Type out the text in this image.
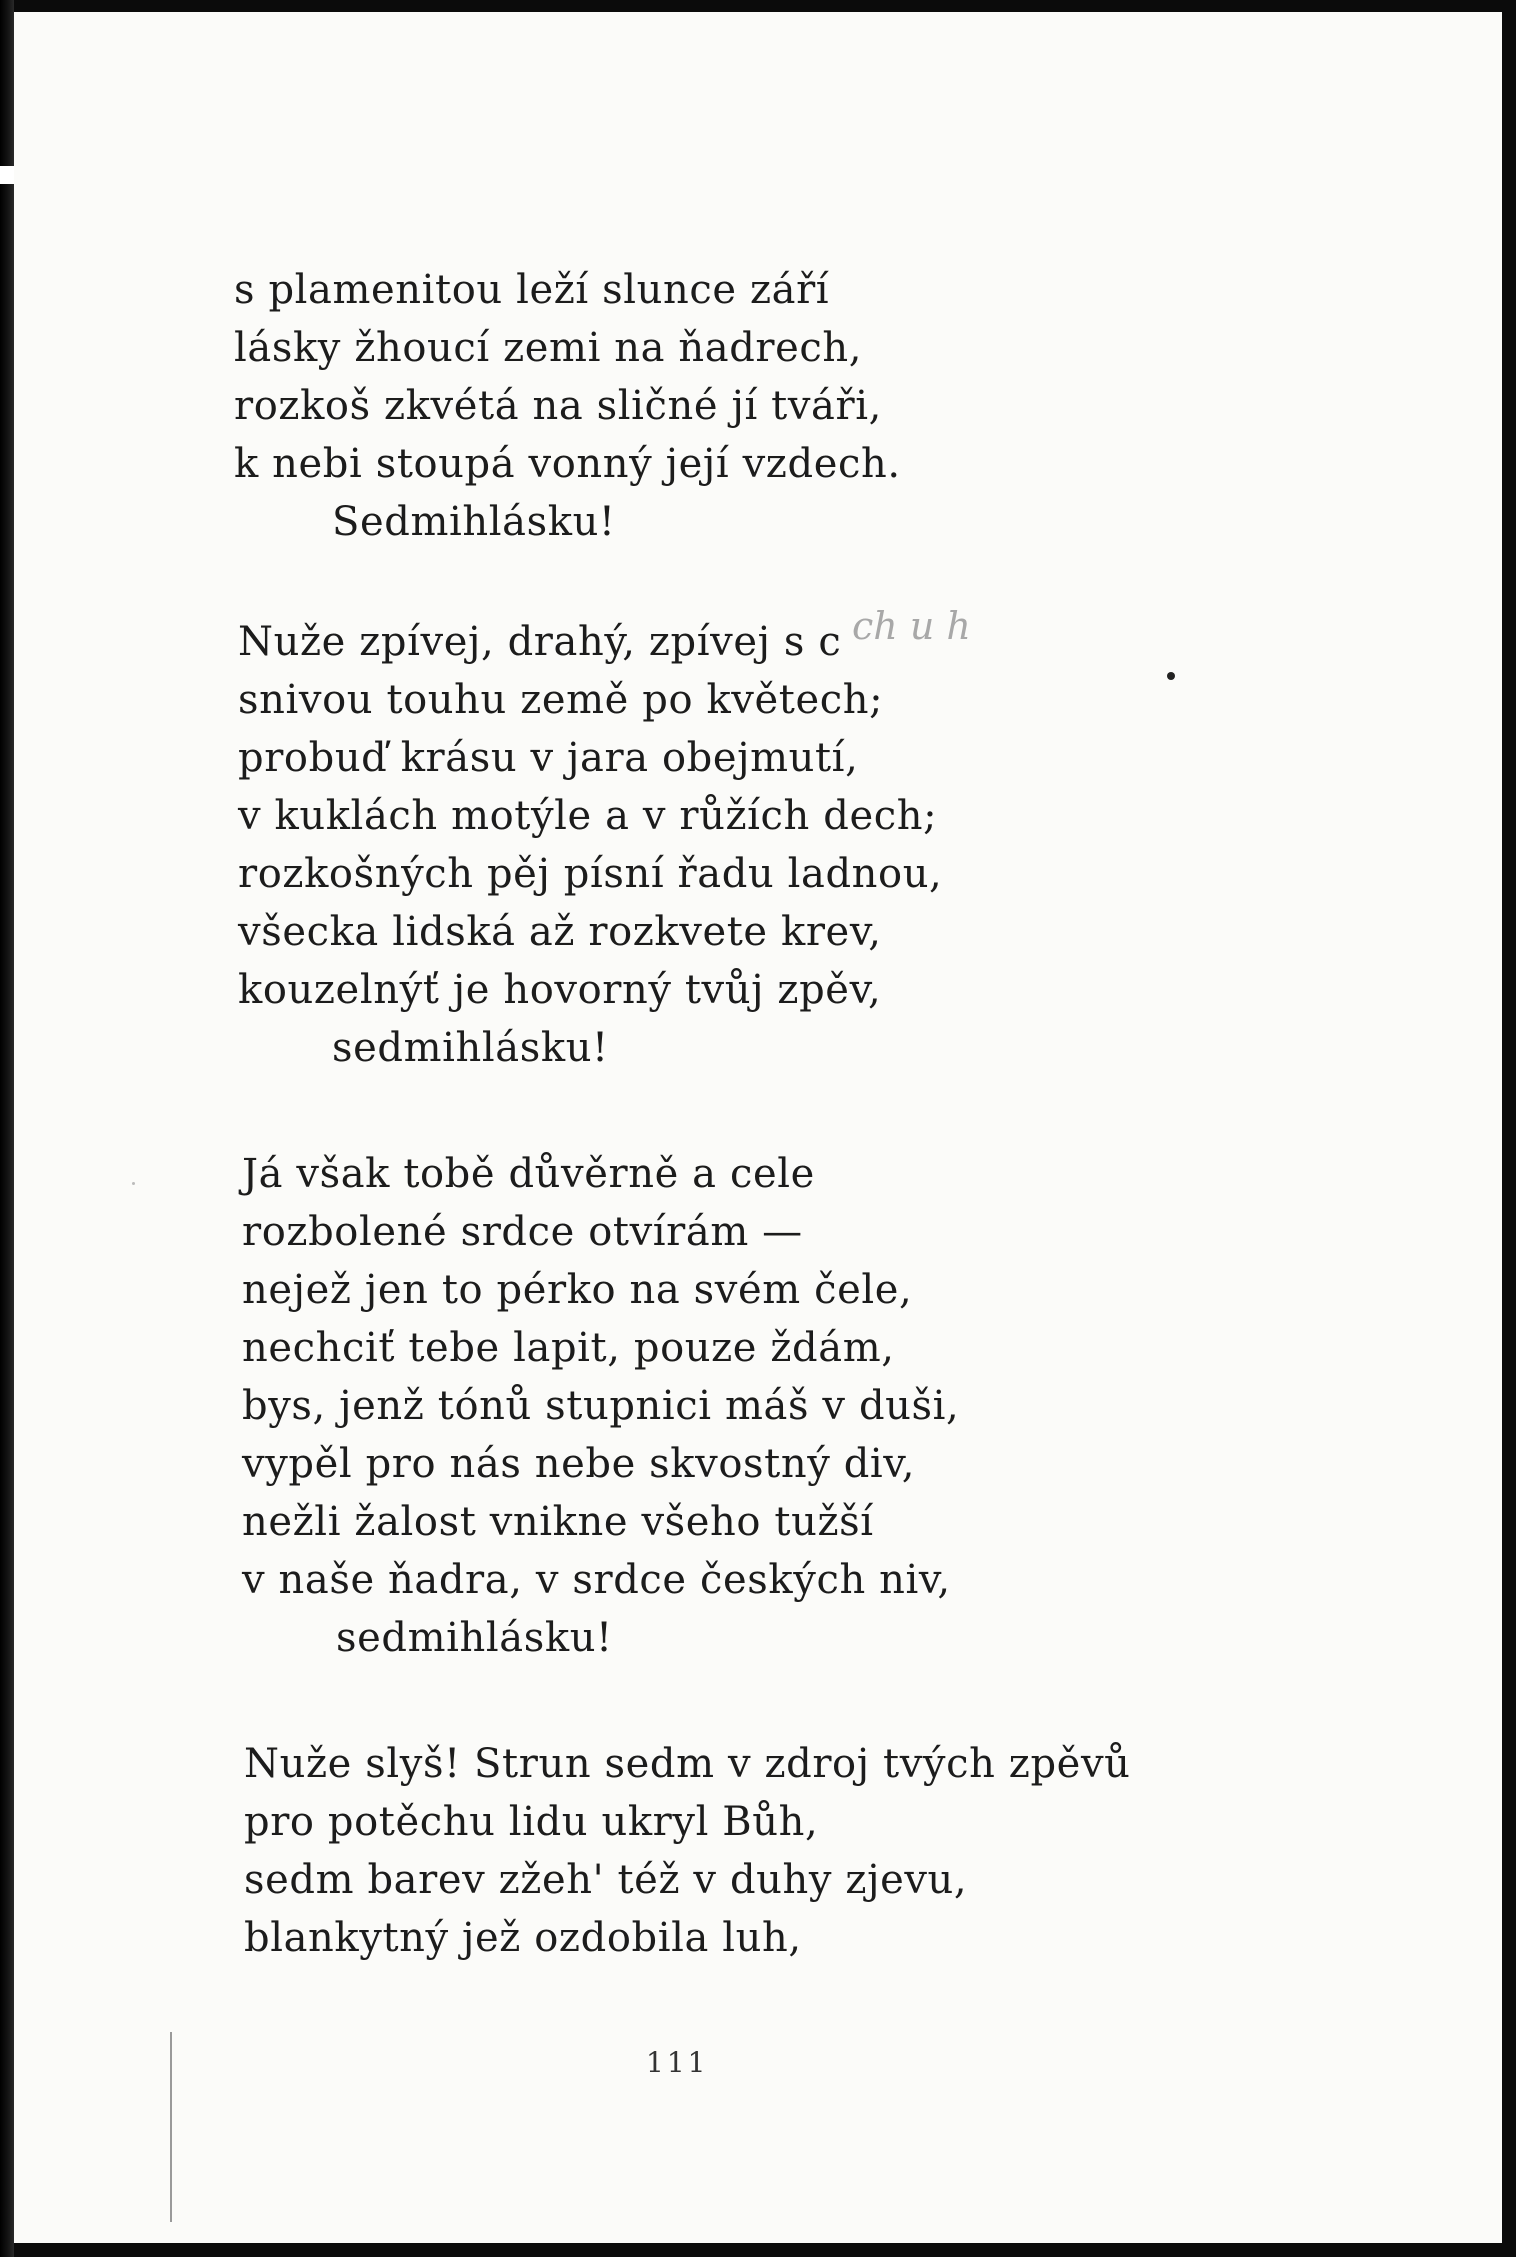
s plamenitou leží slunce září
lásky žhoucí zemi na ňadrech,
rozkoš zkvétá na sličné jí tváři,
k nebi stoupá vonný její vzdech.
Sedmihlásku!
Nuže zpívej, drahý, zpívej s c
snivou touhu země po květech;
probuď krásu v jara obejmutí,
v kuklách motýle a v růžích dech;
rozkošných pěj písní řadu ladnou,
všecka lidská až rozkvete krev,
kouzelnýť je hovorný tvůj zpěv,
sedmihlásku!
Já však tobě důvěrně a cele
rozbolené srdce otvírám —
nejež jen to pérko na svém čele,
nechciť tebe lapit, pouze ždám,
bys, jenž tónů stupnici máš v duši,
vypěl pro nás nebe skvostný div,
nežli žalost vnikne všeho tužší
v naše ňadra, v srdce českých niv,
sedmihlásku!
Nuže slyš! Strun sedm v zdroj tvých zpěvů
pro potěchu lidu ukryl Bůh,
sedm barev zžeh' též v duhy zjevu,
blankytný jež ozdobila luh,
ch u h
111
